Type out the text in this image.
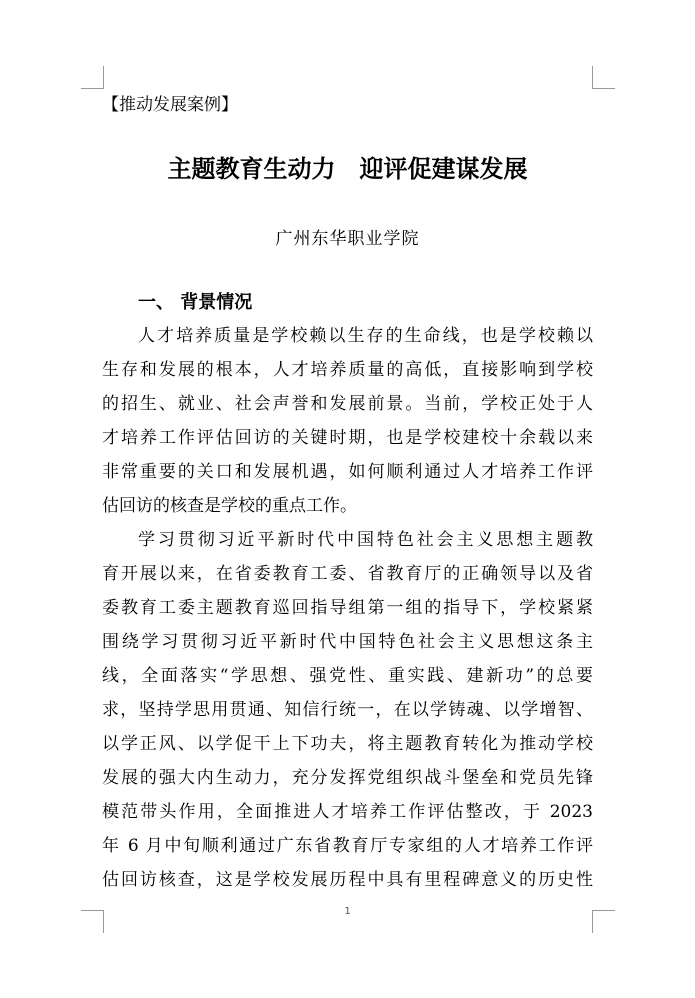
【推动发展案例】
主题教育生动力　迎评促建谋发展
广州东华职业学院
一、 背景情况
人才培养质量是学校赖以生存的生命线，也是学校赖以
生存和发展的根本，人才培养质量的高低，直接影响到学校
的招生、就业、社会声誉和发展前景。当前，学校正处于人
才培养工作评估回访的关键时期，也是学校建校十余载以来
非常重要的关口和发展机遇，如何顺利通过人才培养工作评
估回访的核查是学校的重点工作。
学习贯彻习近平新时代中国特色社会主义思想主题教
育开展以来，在省委教育工委、省教育厅的正确领导以及省
委教育工委主题教育巡回指导组第一组的指导下，学校紧紧
围绕学习贯彻习近平新时代中国特色社会主义思想这条主
线，全面落实“学思想、强党性、重实践、建新功”的总要
求，坚持学思用贯通、知信行统一，在以学铸魂、以学增智、
以学正风、以学促干上下功夫，将主题教育转化为推动学校
发展的强大内生动力，充分发挥党组织战斗堡垒和党员先锋
模范带头作用，全面推进人才培养工作评估整改，于 2023
年 6 月中旬顺利通过广东省教育厅专家组的人才培养工作评
估回访核查，这是学校发展历程中具有里程碑意义的历史性
1
